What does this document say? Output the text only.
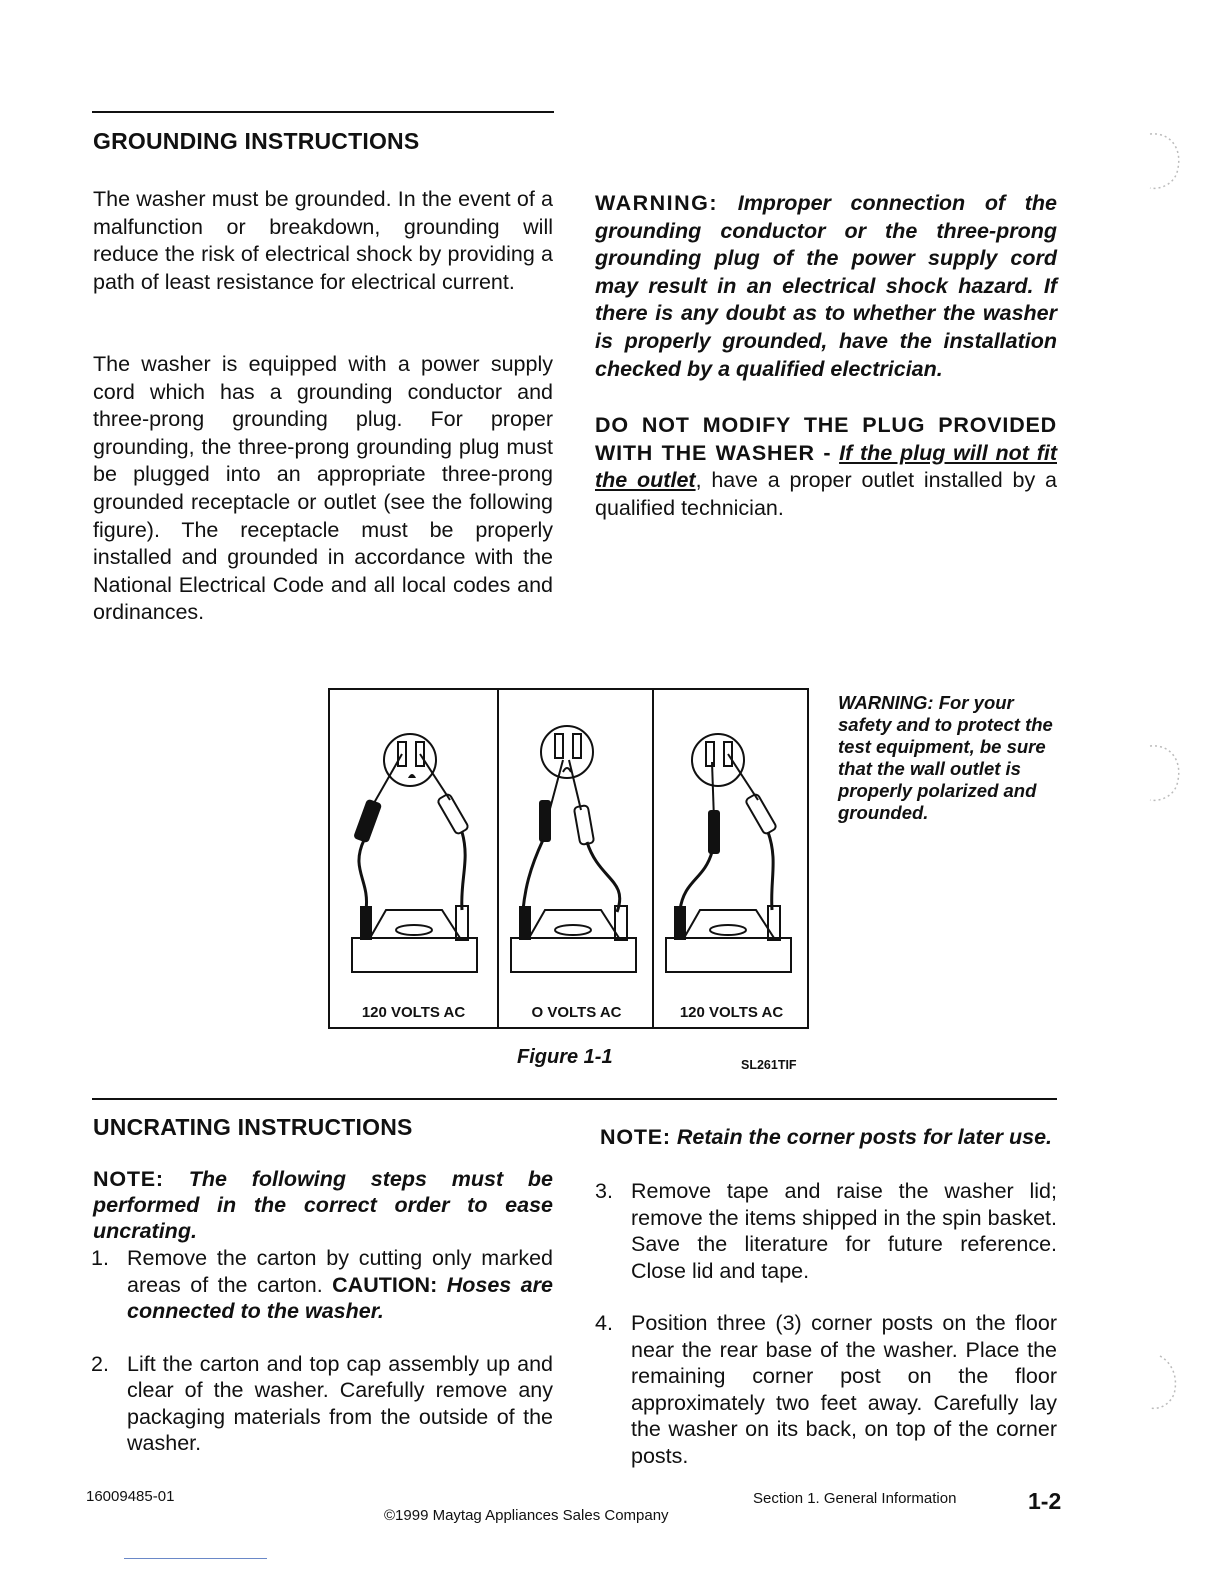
GROUNDING INSTRUCTIONS

The washer must be grounded. In the event of a malfunction or breakdown, grounding will reduce the risk of electrical shock by providing a path of least resistance for electrical current.

The washer is equipped with a power supply cord which has a grounding conductor and three-prong grounding plug. For proper grounding, the three-prong grounding plug must be plugged into an appropriate three-prong grounded receptacle or outlet (see the following figure). The receptacle must be properly installed and grounded in accordance with the National Electrical Code and all local codes and ordinances.

WARNING: Improper connection of the grounding conductor or the three-prong grounding plug of the power supply cord may result in an electrical shock hazard. If there is any doubt as to whether the washer is properly grounded, have the installation checked by a qualified electrician.
DO NOT MODIFY THE PLUG PROVIDED WITH THE WASHER - If the plug will not fit the outlet, have a proper outlet installed by a qualified technician.
120 VOLTS AC	O VOLTS AC	120 VOLTS AC
WARNING: For your safety and to protect the test equipment, be sure that the wall outlet is properly polarized and grounded.
Figure 1-1	SL261TIF
UNCRATING INSTRUCTIONS
NOTE: The following steps must be performed in the correct order to ease uncrating.
1. Remove the carton by cutting only marked areas of the carton. CAUTION: Hoses are connected to the washer.
2. Lift the carton and top cap assembly up and clear of the washer. Carefully remove any packaging materials from the outside of the washer.
NOTE: Retain the corner posts for later use.
3. Remove tape and raise the washer lid; remove the items shipped in the spin basket. Save the literature for future reference. Close lid and tape.
4. Position three (3) corner posts on the floor near the rear base of the washer. Place the remaining corner post on the floor approximately two feet away. Carefully lay the washer on its back, on top of the corner posts.
16009485-01
©1999 Maytag Appliances Sales Company
Section 1. General Information	1-2
